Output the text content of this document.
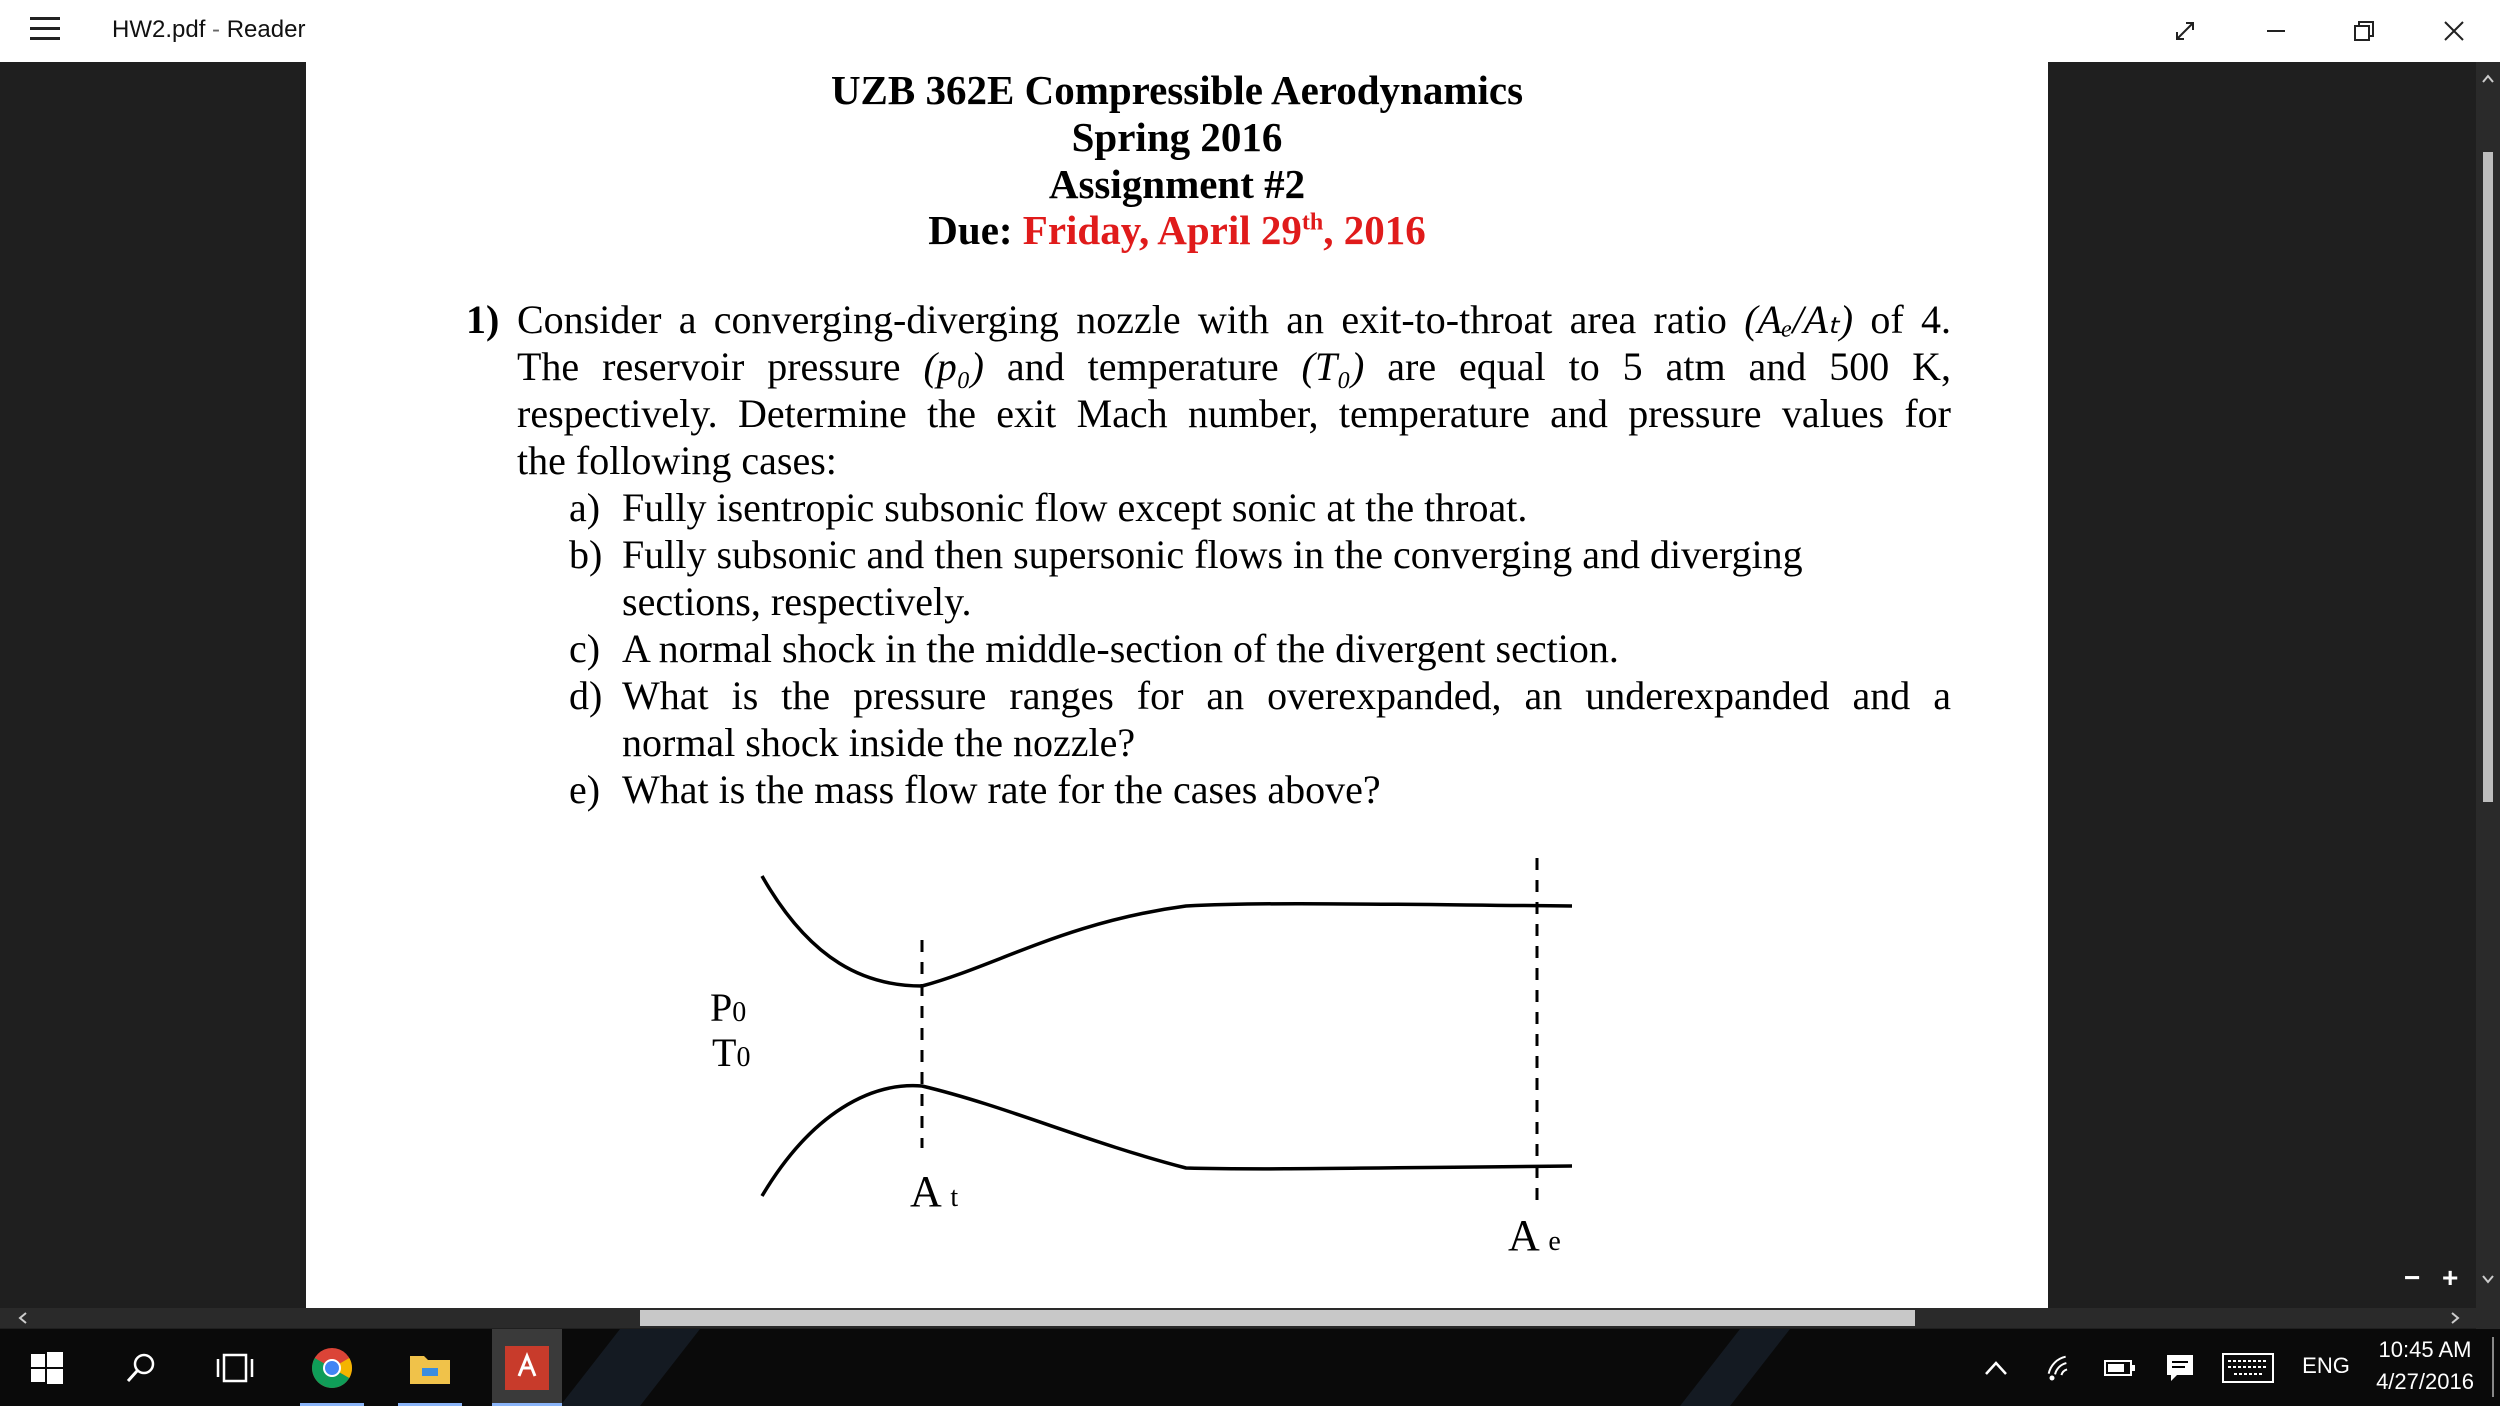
HW2.pdf - Reader
UZB 362E Compressible Aerodynamics
Spring 2016
Assignment #2
Due: Friday, April 29th, 2016
1) Consider a converging-diverging nozzle with an exit-to-throat area ratio (Aₑ/Aₜ) of 4.
The reservoir pressure (p₀) and temperature (T₀) are equal to 5 atm and 500 K,
respectively. Determine the exit Mach number, temperature and pressure values for
the following cases:
a) Fully isentropic subsonic flow except sonic at the throat.
b) Fully subsonic and then supersonic flows in the converging and diverging
sections, respectively.
c) A normal shock in the middle-section of the divergent section.
d) What is the pressure ranges for an overexpanded, an underexpanded and a
normal shock inside the nozzle?
e) What is the mass flow rate for the cases above?
P0
T0
A t
A e
− +
ENG
10:45 AM
4/27/2016
